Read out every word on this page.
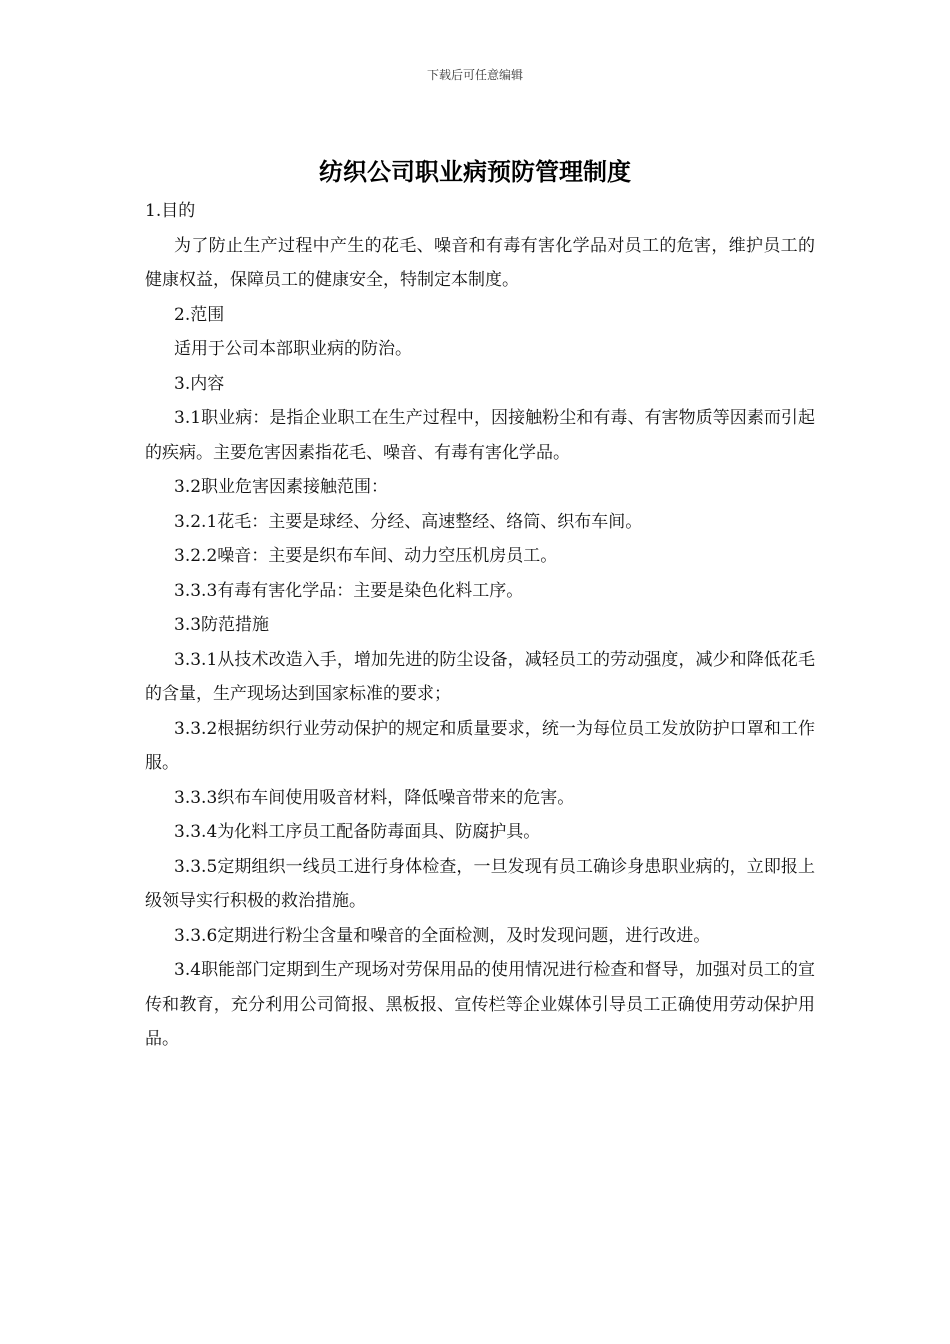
下载后可任意编辑
纺织公司职业病预防管理制度

1.目的

为了防止生产过程中产生的花毛、噪音和有毒有害化学品对员工的危害，维护员工的健康权益，保障员工的健康安全，特制定本制度。

2.范围

适用于公司本部职业病的防治。

3.内容

3.1职业病：是指企业职工在生产过程中，因接触粉尘和有毒、有害物质等因素而引起的疾病。主要危害因素指花毛、噪音、有毒有害化学品。

3.2职业危害因素接触范围：

3.2.1花毛：主要是球经、分经、高速整经、络筒、织布车间。

3.2.2噪音：主要是织布车间、动力空压机房员工。

3.3.3有毒有害化学品：主要是染色化料工序。

3.3防范措施

3.3.1从技术改造入手，增加先进的防尘设备，减轻员工的劳动强度，减少和降低花毛的含量，生产现场达到国家标准的要求；

3.3.2根据纺织行业劳动保护的规定和质量要求，统一为每位员工发放防护口罩和工作服。

3.3.3织布车间使用吸音材料，降低噪音带来的危害。

3.3.4为化料工序员工配备防毒面具、防腐护具。

3.3.5定期组织一线员工进行身体检查，一旦发现有员工确诊身患职业病的，立即报上级领导实行积极的救治措施。

3.3.6定期进行粉尘含量和噪音的全面检测，及时发现问题，进行改进。

3.4职能部门定期到生产现场对劳保用品的使用情况进行检查和督导，加强对员工的宣传和教育，充分利用公司简报、黑板报、宣传栏等企业媒体引导员工正确使用劳动保护用品。
